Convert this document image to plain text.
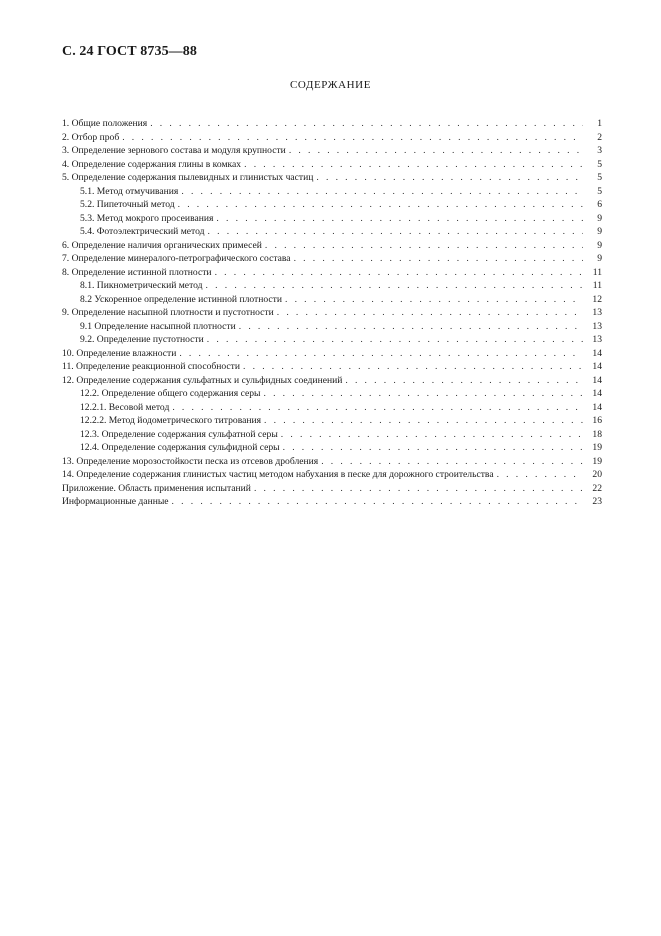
С. 24 ГОСТ 8735—88
СОДЕРЖАНИЕ
1. Общие положения . . .	1
2. Отбор проб . . .	2
3. Определение зернового состава и модуля крупности . . .	3
4. Определение содержания глины в комках . . .	5
5. Определение содержания пылевидных и глинистых частиц . . .	5
5.1. Метод отмучивания . . .	5
5.2. Пипеточный метод . . .	6
5.3. Метод мокрого просеивания . . .	9
5.4. Фотоэлектрический метод . . .	9
6. Определение наличия органических примесей . . .	9
7. Определение минералого-петрографического состава . . .	9
8. Определение истинной плотности . . .	11
8.1. Пикнометрический метод . . .	11
8.2 Ускоренное определение истинной плотности . . .	12
9. Определение насыпной плотности и пустотности . . .	13
9.1 Определение насыпной плотности . . .	13
9.2. Определение пустотности . . .	13
10. Определение влажности . . .	14
11. Определение реакционной способности . . .	14
12. Определение содержания сульфатных и сульфидных соединений . . .	14
12.2. Определение общего содержания серы . . .	14
12.2.1. Весовой метод . . .	14
12.2.2. Метод йодометрического титрования . . .	16
12.3. Определение содержания сульфатной серы . . .	18
12.4. Определение содержания сульфидной серы . . .	19
13. Определение морозостойкости песка из отсевов дробления . . .	19
14. Определение содержания глинистых частиц методом набухания в песке для дорожного строительства . . .	20
Приложение. Область применения испытаний . . .	22
Информационные данные . . .	23
